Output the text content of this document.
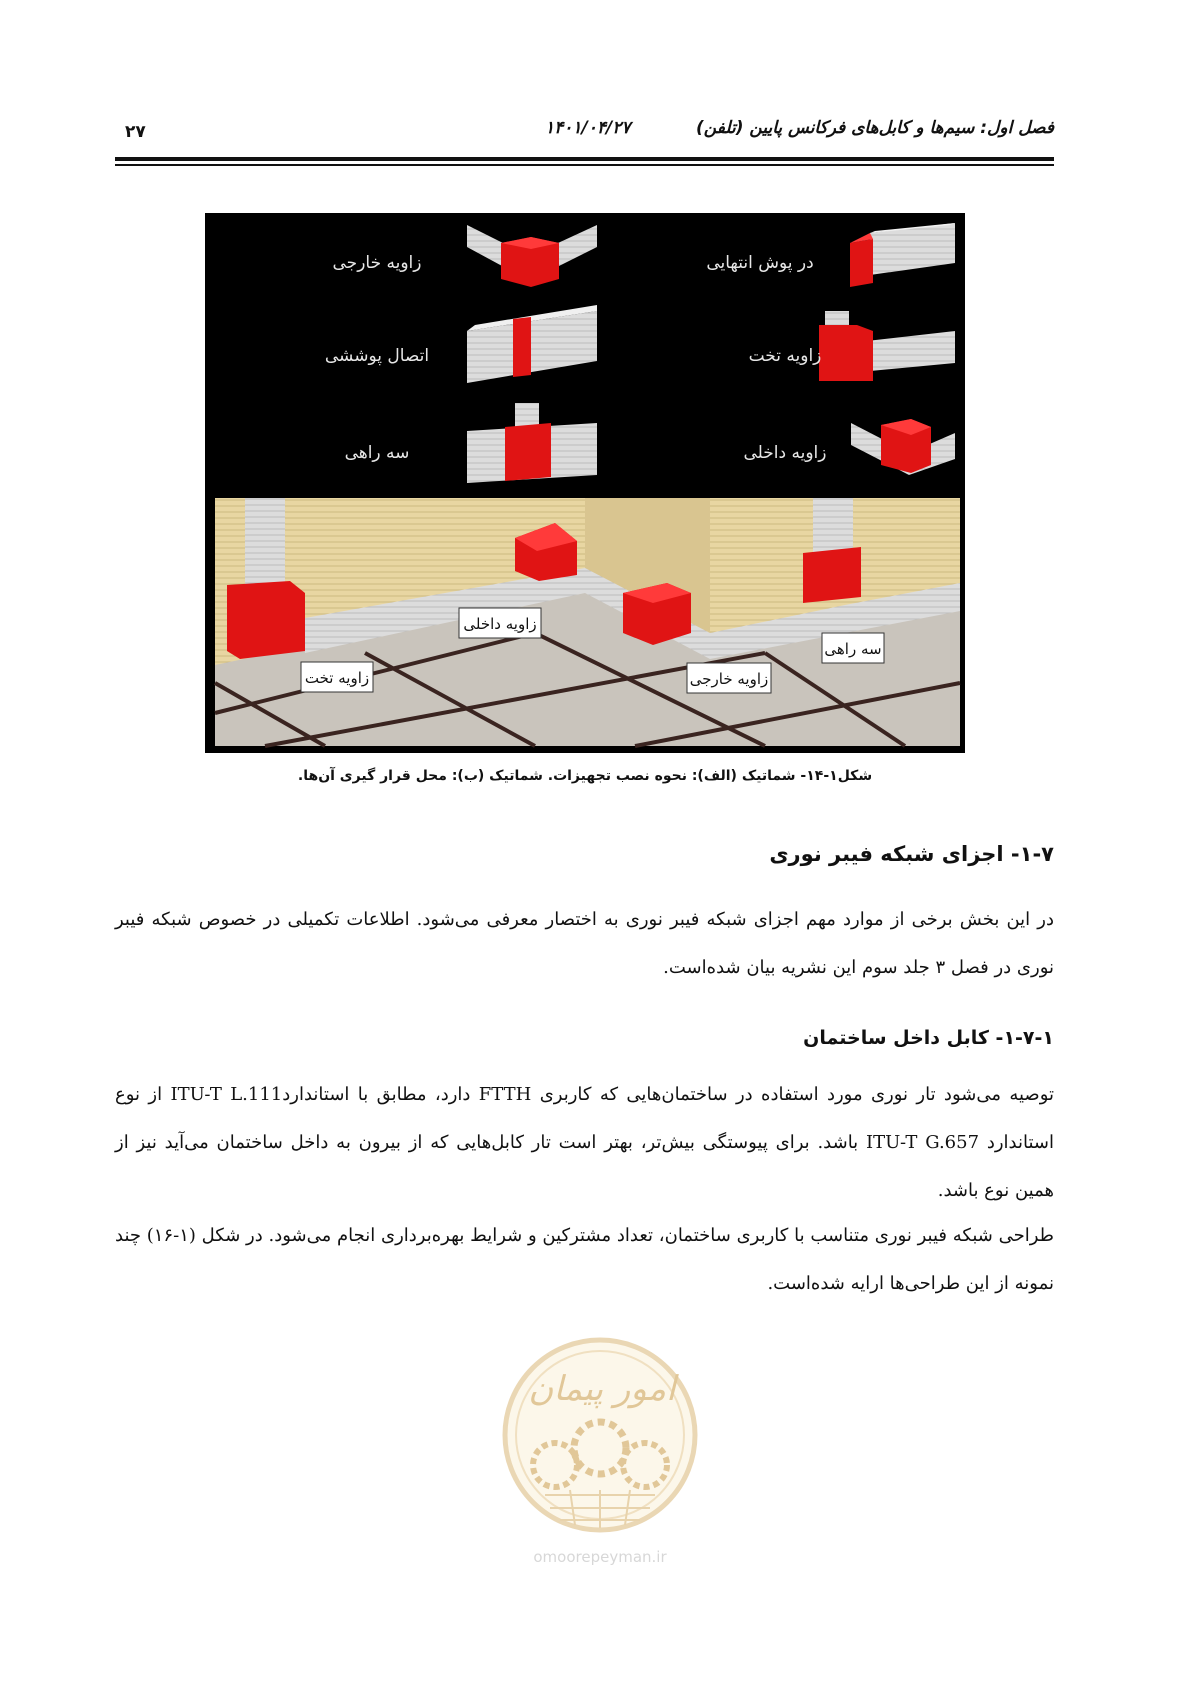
فصل اول: سیم‌ها و کابل‌های فرکانس پایین (تلفن)
۱۴۰۱/۰۴/۲۷
۲۷
در پوش انتهایی
زاویه خارجی
زاویه تخت
اتصال پوششی
زاویه داخلی
سه راهی
زاویه داخلی
زاویه تخت	زاویه خارجی
سه راهی
شکل۱-۱۴- شماتیک (الف): نحوه نصب تجهیزات. شماتیک (ب): محل قرار گیری آن‌ها.
۱-۷- اجزای شبکه فیبر نوری
در این بخش برخی از موارد مهم اجزای شبکه فیبر نوری به اختصار معرفی می‌شود. اطلاعات تکمیلی در خصوص شبکه فیبر نوری در فصل ۳ جلد سوم این نشریه بیان شده‌است.
۱-۷-۱- کابل داخل ساختمان
توصیه می‌شود تار نوری مورد استفاده در ساختمان‌هایی که کاربری FTTH دارد، مطابق با استانداردITU-T L.111 از نوع استاندارد ITU-T G.657 باشد. برای پیوستگی بیش‌تر، بهتر است تار کابل‌هایی که از بیرون به داخل ساختمان می‌آید نیز از همین نوع باشد.
طراحی شبکه فیبر نوری متناسب با کاربری ساختمان، تعداد مشترکین و شرایط بهره‌برداری انجام می‌شود. در شکل (۱-۱۶) چند نمونه از این طراحی‌ها ارایه شده‌است.
امور پیمان
omoorepeyman.ir
